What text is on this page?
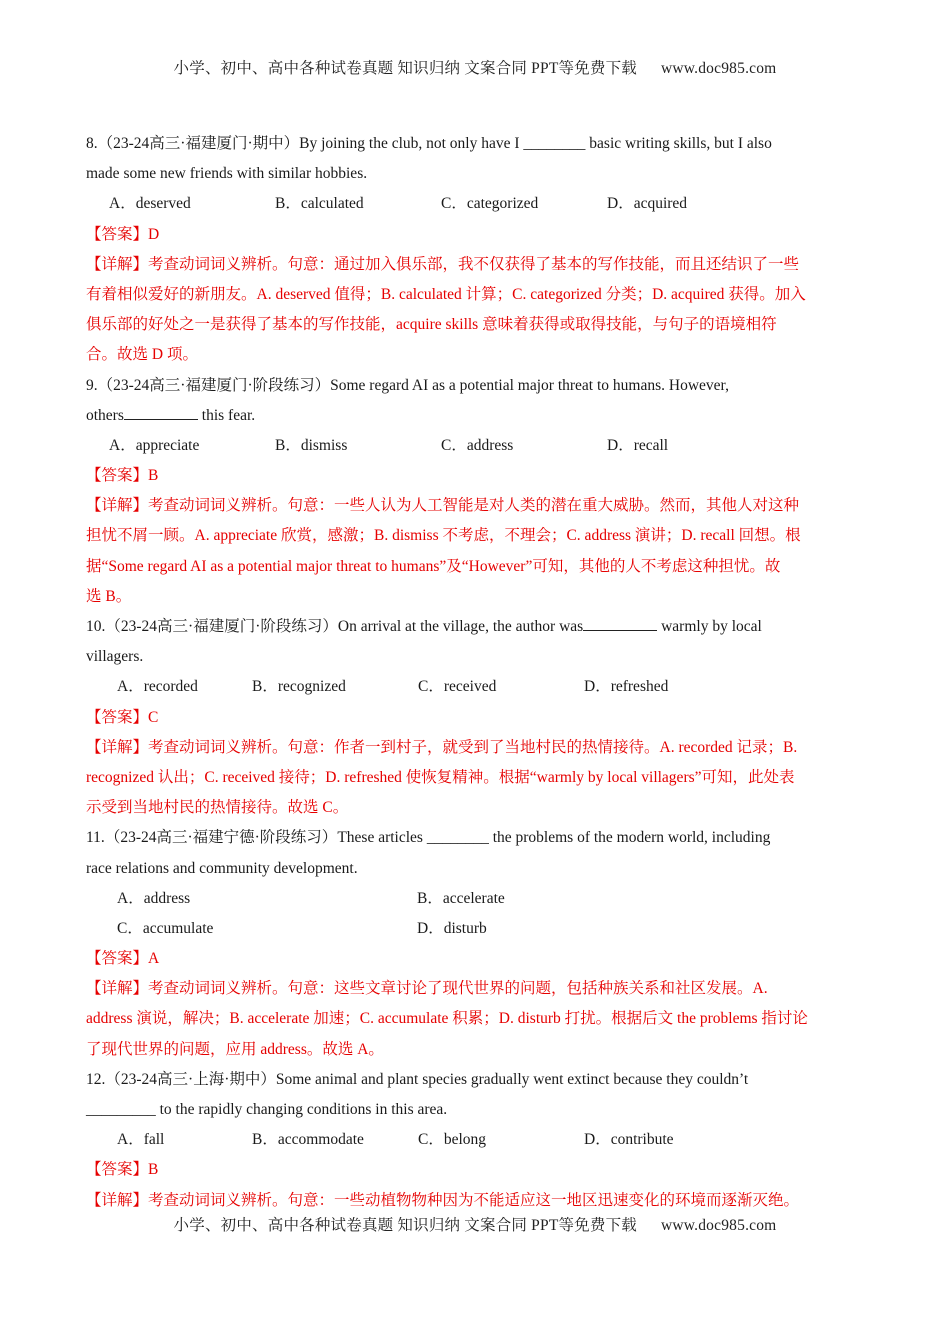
小学、初中、高中各种试卷真题 知识归纳 文案合同 PPT等免费下载 www.doc985.com
8.（23-24高三·福建厦门·期中）By joining the club, not only have I ________ basic writing skills, but I also
made some new friends with similar hobbies.
A．deserved	B．calculated	C．categorized	D．acquired
【答案】D
【详解】考查动词词义辨析。句意：通过加入俱乐部，我不仅获得了基本的写作技能，而且还结识了一些
有着相似爱好的新朋友。A. deserved 值得；B. calculated 计算；C. categorized 分类；D. acquired 获得。加入
俱乐部的好处之一是获得了基本的写作技能，acquire skills 意味着获得或取得技能，与句子的语境相符
合。故选 D 项。
9.（23-24高三·福建厦门·阶段练习）Some regard AI as a potential major threat to humans. However,
others	this fear.
A．appreciate	B．dismiss	C．address	D．recall
【答案】B
【详解】考查动词词义辨析。句意：一些人认为人工智能是对人类的潜在重大威胁。然而，其他人对这种
担忧不屑一顾。A. appreciate 欣赏，感激；B. dismiss 不考虑，不理会；C. address 演讲；D. recall 回想。根
据“Some regard AI as a potential major threat to humans”及“However”可知，其他的人不考虑这种担忧。故
选 B。
10.（23-24高三·福建厦门·阶段练习）On arrival at the village, the author was	warmly by local
villagers.
A．recorded	B．recognized	C．received	D．refreshed
【答案】C
【详解】考查动词词义辨析。句意：作者一到村子，就受到了当地村民的热情接待。A. recorded 记录；B.
recognized 认出；C. received 接待；D. refreshed 使恢复精神。根据“warmly by local villagers”可知，此处表
示受到当地村民的热情接待。故选 C。
11.（23-24高三·福建宁德·阶段练习）These articles ________ the problems of the modern world, including
race relations and community development.
A．address	B．accelerate
C．accumulate	D．disturb
【答案】A
【详解】考查动词词义辨析。句意：这些文章讨论了现代世界的问题，包括种族关系和社区发展。A.
address 演说，解决；B. accelerate 加速；C. accumulate 积累；D. disturb 打扰。根据后文 the problems 指讨论
了现代世界的问题，应用 address。故选 A。
12.（23-24高三·上海·期中）Some animal and plant species gradually went extinct because they couldn’t
_________ to the rapidly changing conditions in this area.
A．fall	B．accommodate	C．belong	D．contribute
【答案】B
【详解】考查动词词义辨析。句意：一些动植物物种因为不能适应这一地区迅速变化的环境而逐渐灭绝。
小学、初中、高中各种试卷真题 知识归纳 文案合同 PPT等免费下载 www.doc985.com
